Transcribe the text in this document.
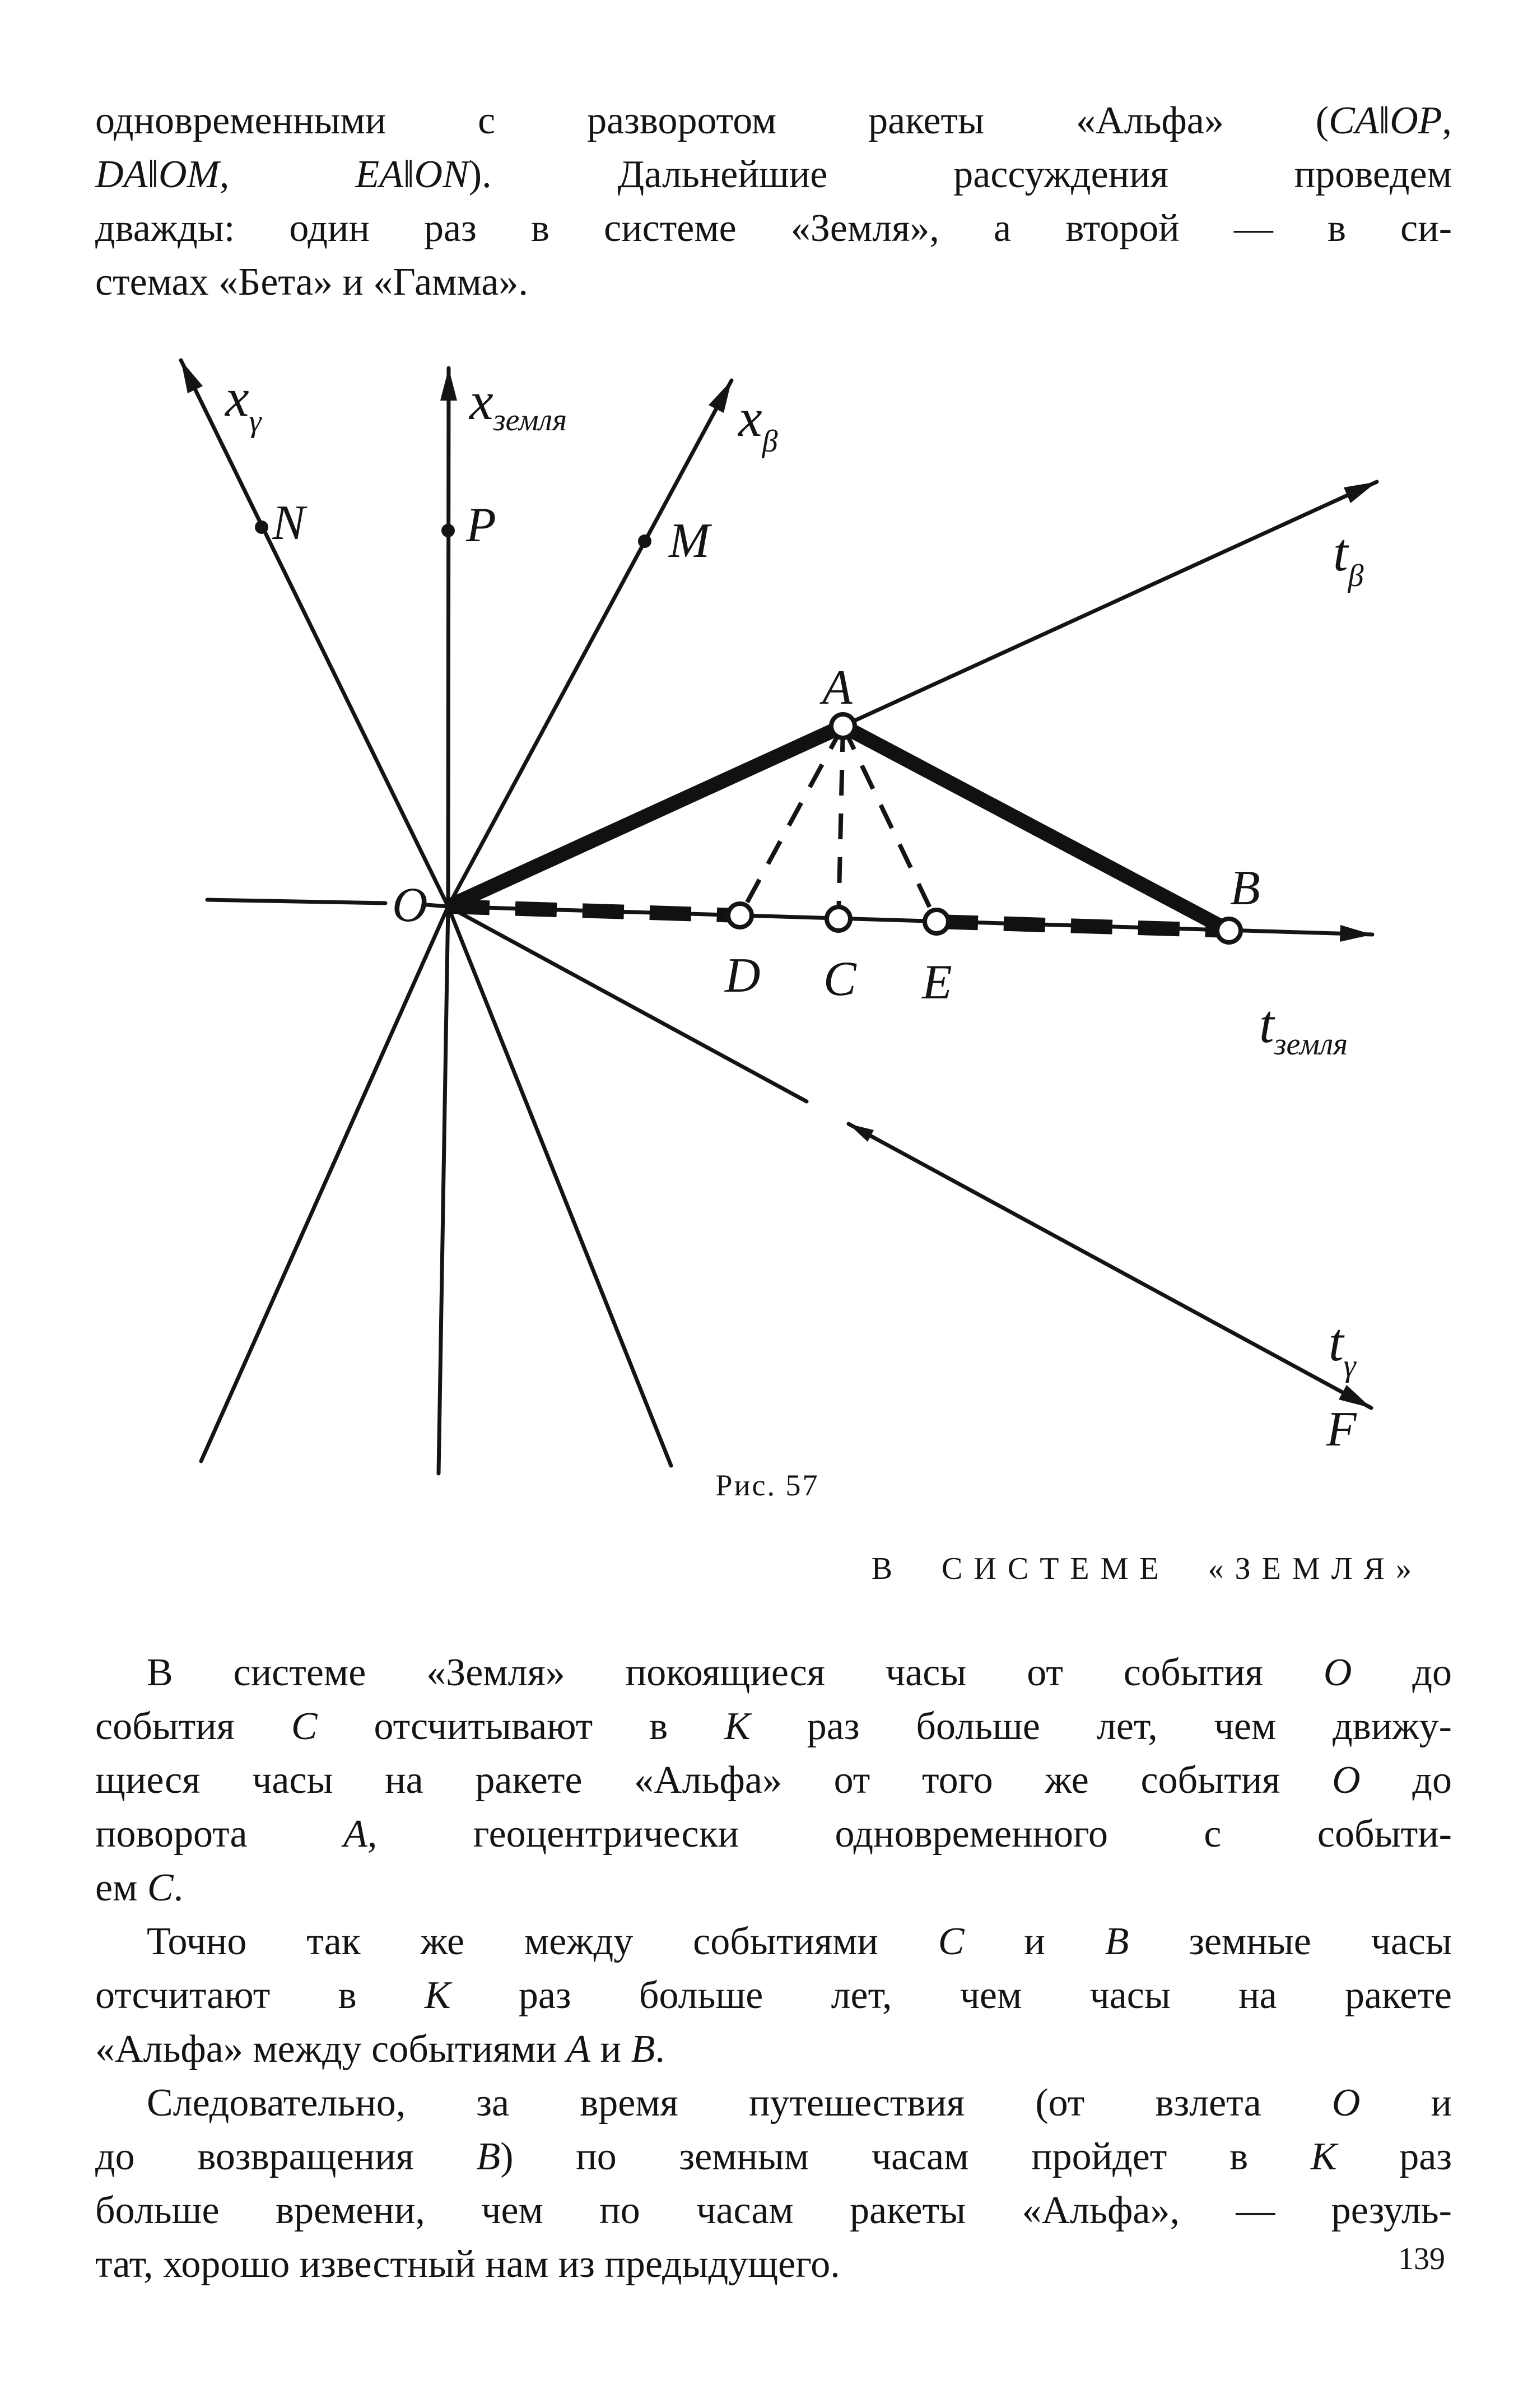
одновременными с разворотом ракеты «Альфа» (CA‖OP,
DA‖OM, EA‖ON). Дальнейшие рассуждения проведем
дважды: один раз в системе «Земля», а второй — в си-
стемах «Бета» и «Гамма».
$x_\gamma$	$x_{земля}$	$x_\beta$
$t_\beta$
$t_{земля}$
$t_\gamma$
O
A
B
D C E
F
N	P	M
Рис. 57
В СИСТЕМЕ «ЗЕМЛЯ»
В системе «Земля» покоящиеся часы от события O до
события C отсчитывают в K раз больше лет, чем движу-
щиеся часы на ракете «Альфа» от того же события O до
поворота A, геоцентрически одновременного с событи-
ем C.
Точно так же между событиями C и B земные часы
отсчитают в K раз больше лет, чем часы на ракете
«Альфа» между событиями A и B.
Следовательно, за время путешествия (от взлета O и
до возвращения B) по земным часам пройдет в K раз
больше времени, чем по часам ракеты «Альфа», — резуль-
тат, хорошо известный нам из предыдущего.	139
